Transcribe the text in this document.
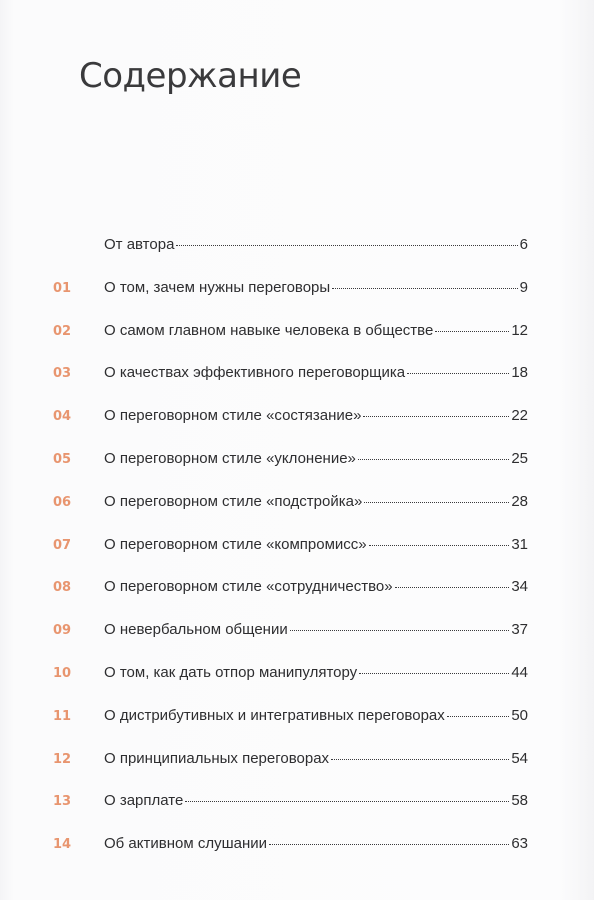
Содержание
От автора	6
01 О том, зачем нужны переговоры	9
02 О самом главном навыке человека в обществе	12
03 О качествах эффективного переговорщика	18
04 О переговорном стиле «состязание»	22
05 О переговорном стиле «уклонение»	25
06 О переговорном стиле «подстройка»	28
07 О переговорном стиле «компромисс»	31
08 О переговорном стиле «сотрудничество»	34
09 О невербальном общении	37
10 О том, как дать отпор манипулятору	44
11 О дистрибутивных и интегративных переговорах	50
12 О принципиальных переговорах	54
13 О зарплате	58
14 Об активном слушании	63
